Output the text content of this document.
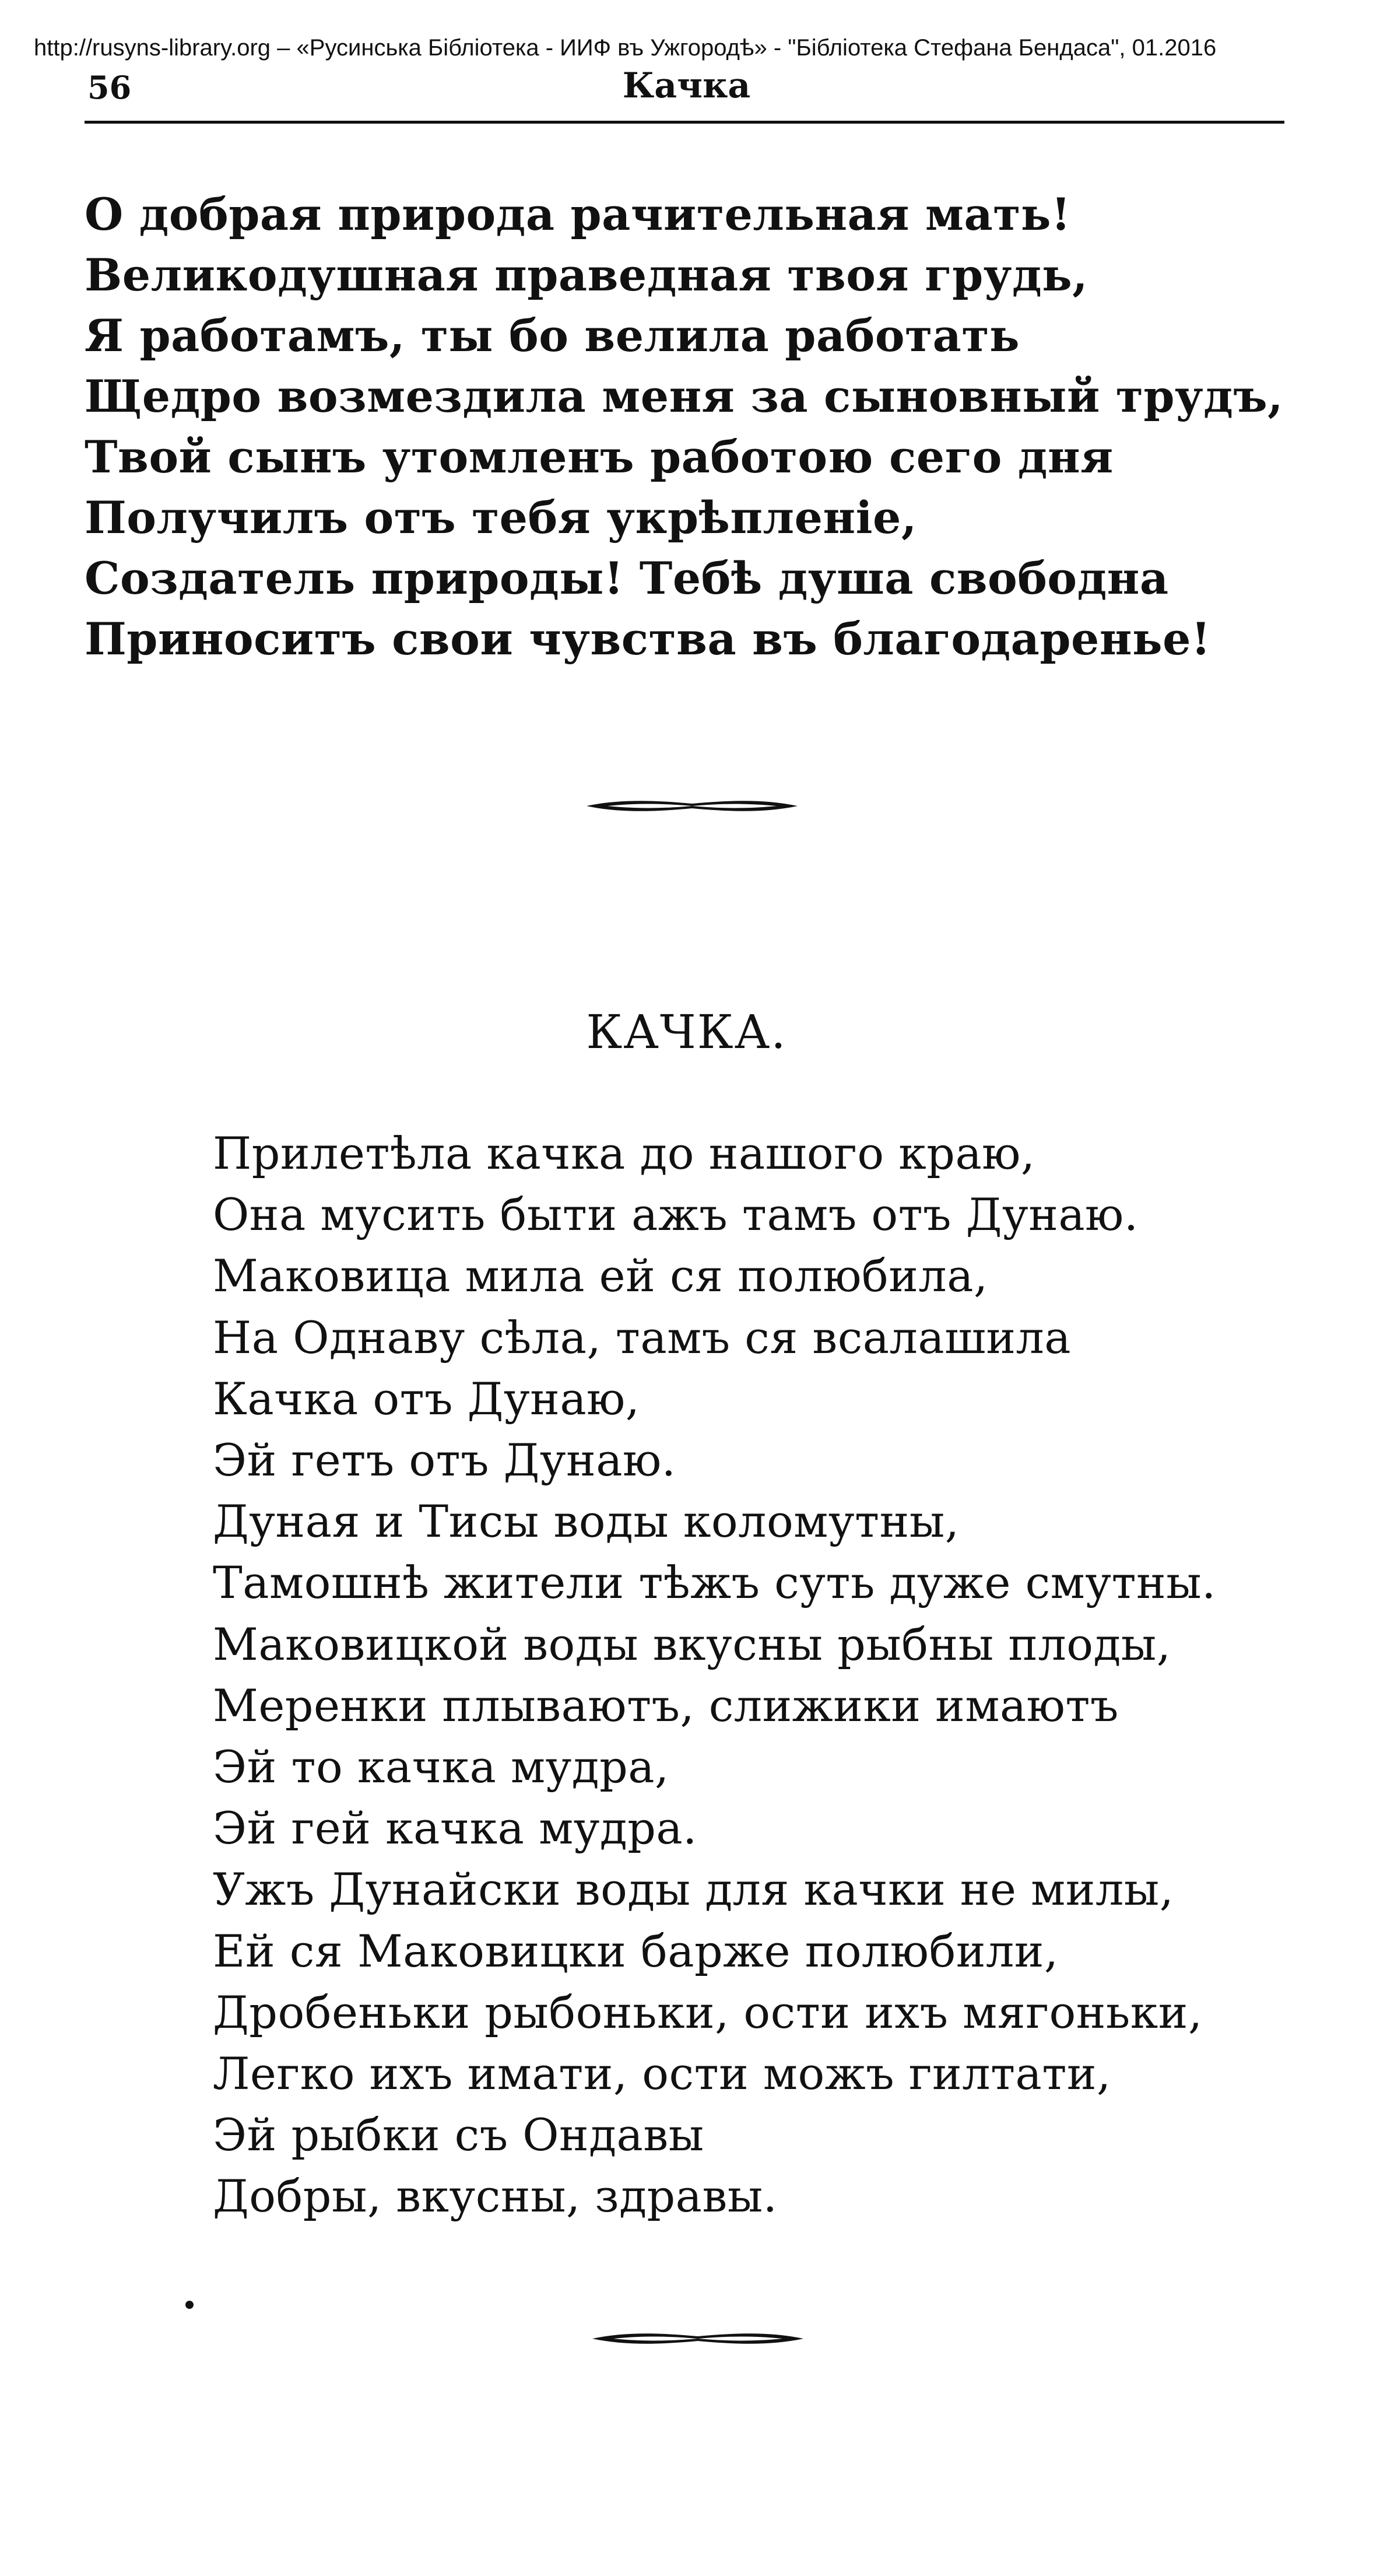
http://rusyns-library.org – «Русинська Бібліотека - ИИФ въ Ужгородѣ» - "Бібліотека Стефана Бендаса", 01.2016
56	Качка
О добрая природа рачительная мать!
Великодушная праведная твоя грудь,
Я работамъ, ты бо велила работать
Щедро возмездила меня за сыновный трудъ,
Твой сынъ утомленъ работою сего дня
Получилъ отъ тебя укрѣпленіе,
Создатель природы! Тебѣ душа свободна
Приноситъ свои чувства въ благодаренье!
КАЧКА.
Прилетѣла качка до нашого краю,
Она мусить быти ажъ тамъ отъ Дунаю.
Маковица мила ей ся полюбила,
На Однаву сѣла, тамъ ся всалашила
Качка отъ Дунаю,
Эй гетъ отъ Дунаю.
Дуная и Тисы воды коломутны,
Тамошнѣ жители тѣжъ суть дуже смутны.
Маковицкой воды вкусны рыбны плоды,
Меренки плываютъ, слижики имаютъ
Эй то качка мудра,
Эй гей качка мудра.
Ужъ Дунайски воды для качки не милы,
Ей ся Маковицки барже полюбили,
Дробеньки рыбоньки, ости ихъ мягоньки,
Легко ихъ имати, ости можъ гилтати,
Эй рыбки съ Ондавы
Добры, вкусны, здравы.
